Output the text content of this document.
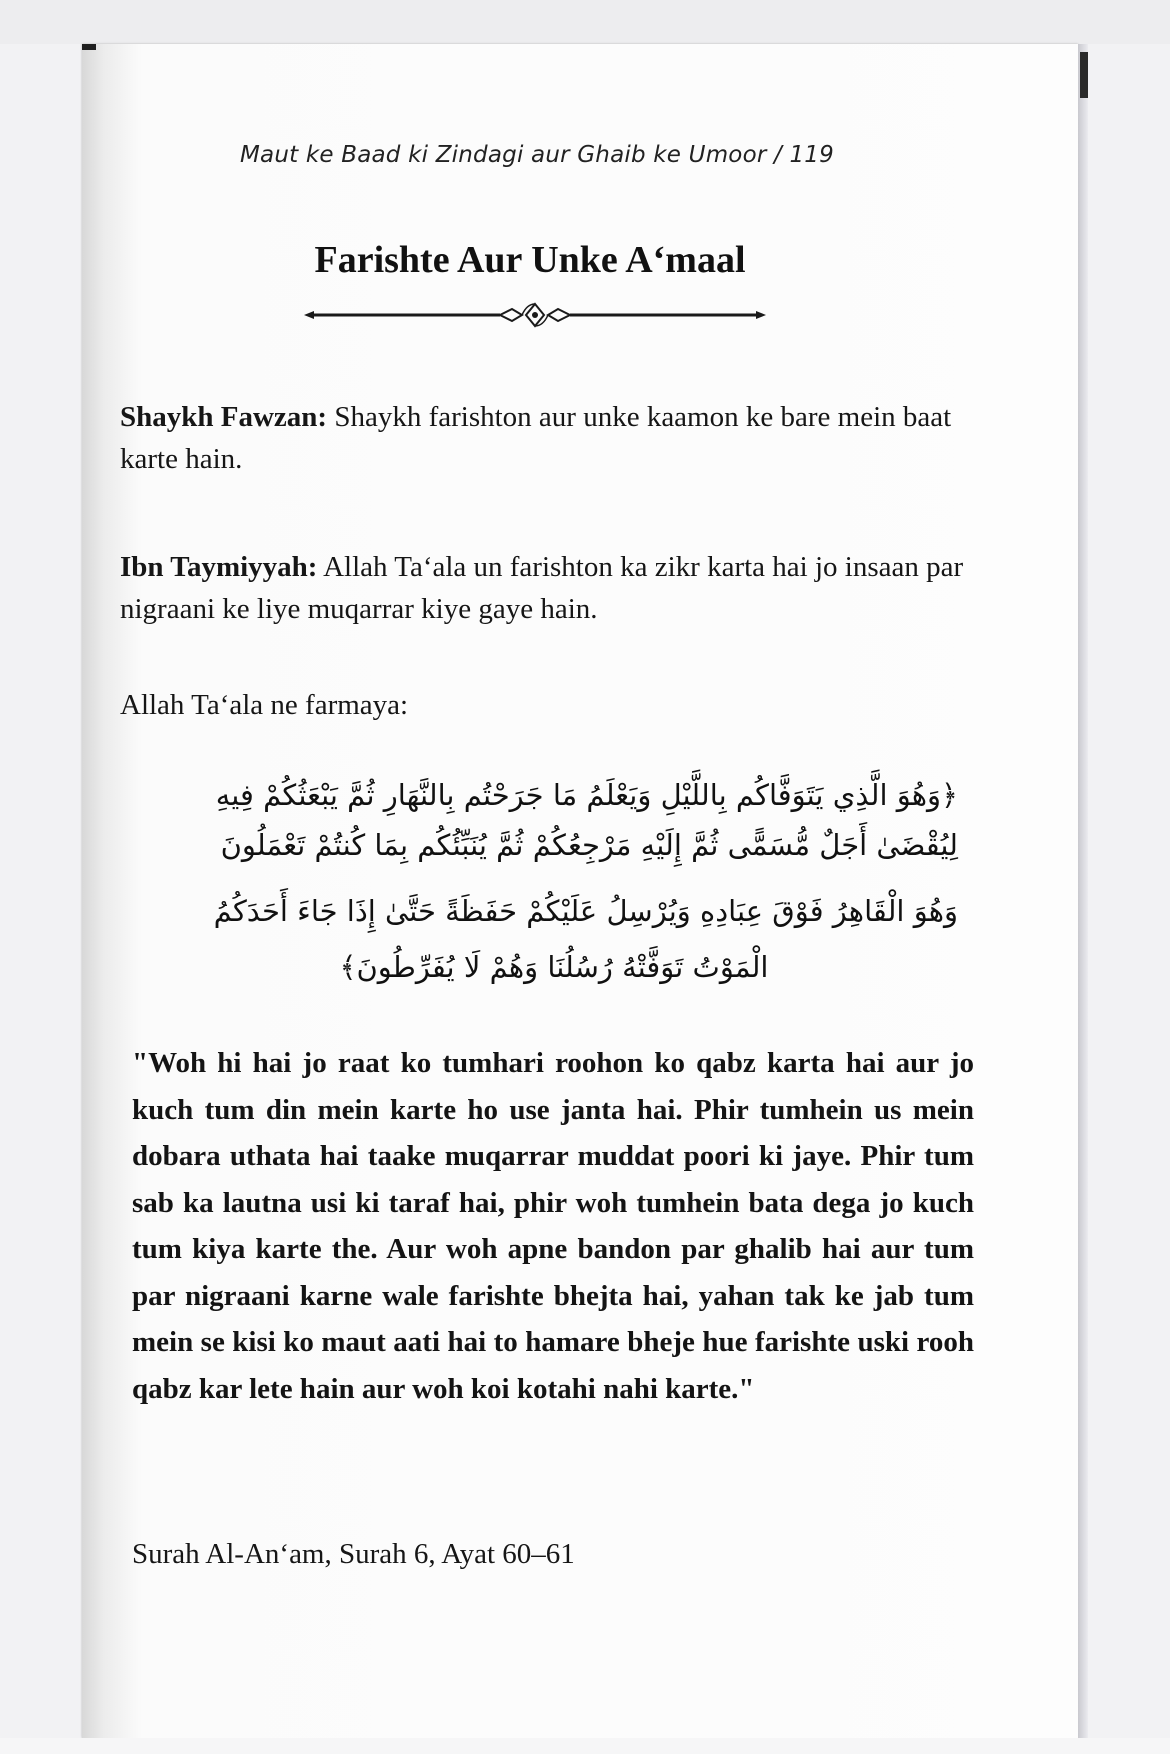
Maut ke Baad ki Zindagi aur Ghaib ke Umoor / 119
Farishte Aur Unke A‘maal
Shaykh Fawzan: Shaykh farishton aur unke kaamon ke bare mein baat karte hain.
Ibn Taymiyyah: Allah Ta‘ala un farishton ka zikr karta hai jo insaan par nigraani ke liye muqarrar kiye gaye hain.
Allah Ta‘ala ne farmaya:
﴿وَهُوَ الَّذِي يَتَوَفَّاكُم بِاللَّيْلِ وَيَعْلَمُ مَا جَرَحْتُم بِالنَّهَارِ ثُمَّ يَبْعَثُكُمْ فِيهِ
لِيُقْضَىٰ أَجَلٌ مُّسَمًّى ثُمَّ إِلَيْهِ مَرْجِعُكُمْ ثُمَّ يُنَبِّئُكُم بِمَا كُنتُمْ تَعْمَلُونَ
وَهُوَ الْقَاهِرُ فَوْقَ عِبَادِهِ وَيُرْسِلُ عَلَيْكُمْ حَفَظَةً حَتَّىٰ إِذَا جَاءَ أَحَدَكُمُ
الْمَوْتُ تَوَفَّتْهُ رُسُلُنَا وَهُمْ لَا يُفَرِّطُونَ﴾
"Woh hi hai jo raat ko tumhari roohon ko qabz karta hai aur jo kuch tum din mein karte ho use janta hai. Phir tumhein us mein dobara uthata hai taake muqarrar muddat poori ki jaye. Phir tum sab ka lautna usi ki taraf hai, phir woh tumhein bata dega jo kuch tum kiya karte the. Aur woh apne bandon par ghalib hai aur tum par nigraani karne wale farishte bhejta hai, yahan tak ke jab tum mein se kisi ko maut aati hai to hamare bheje hue farishte uski rooh qabz kar lete hain aur woh koi kotahi nahi karte."
Surah Al-An‘am, Surah 6, Ayat 60–61
